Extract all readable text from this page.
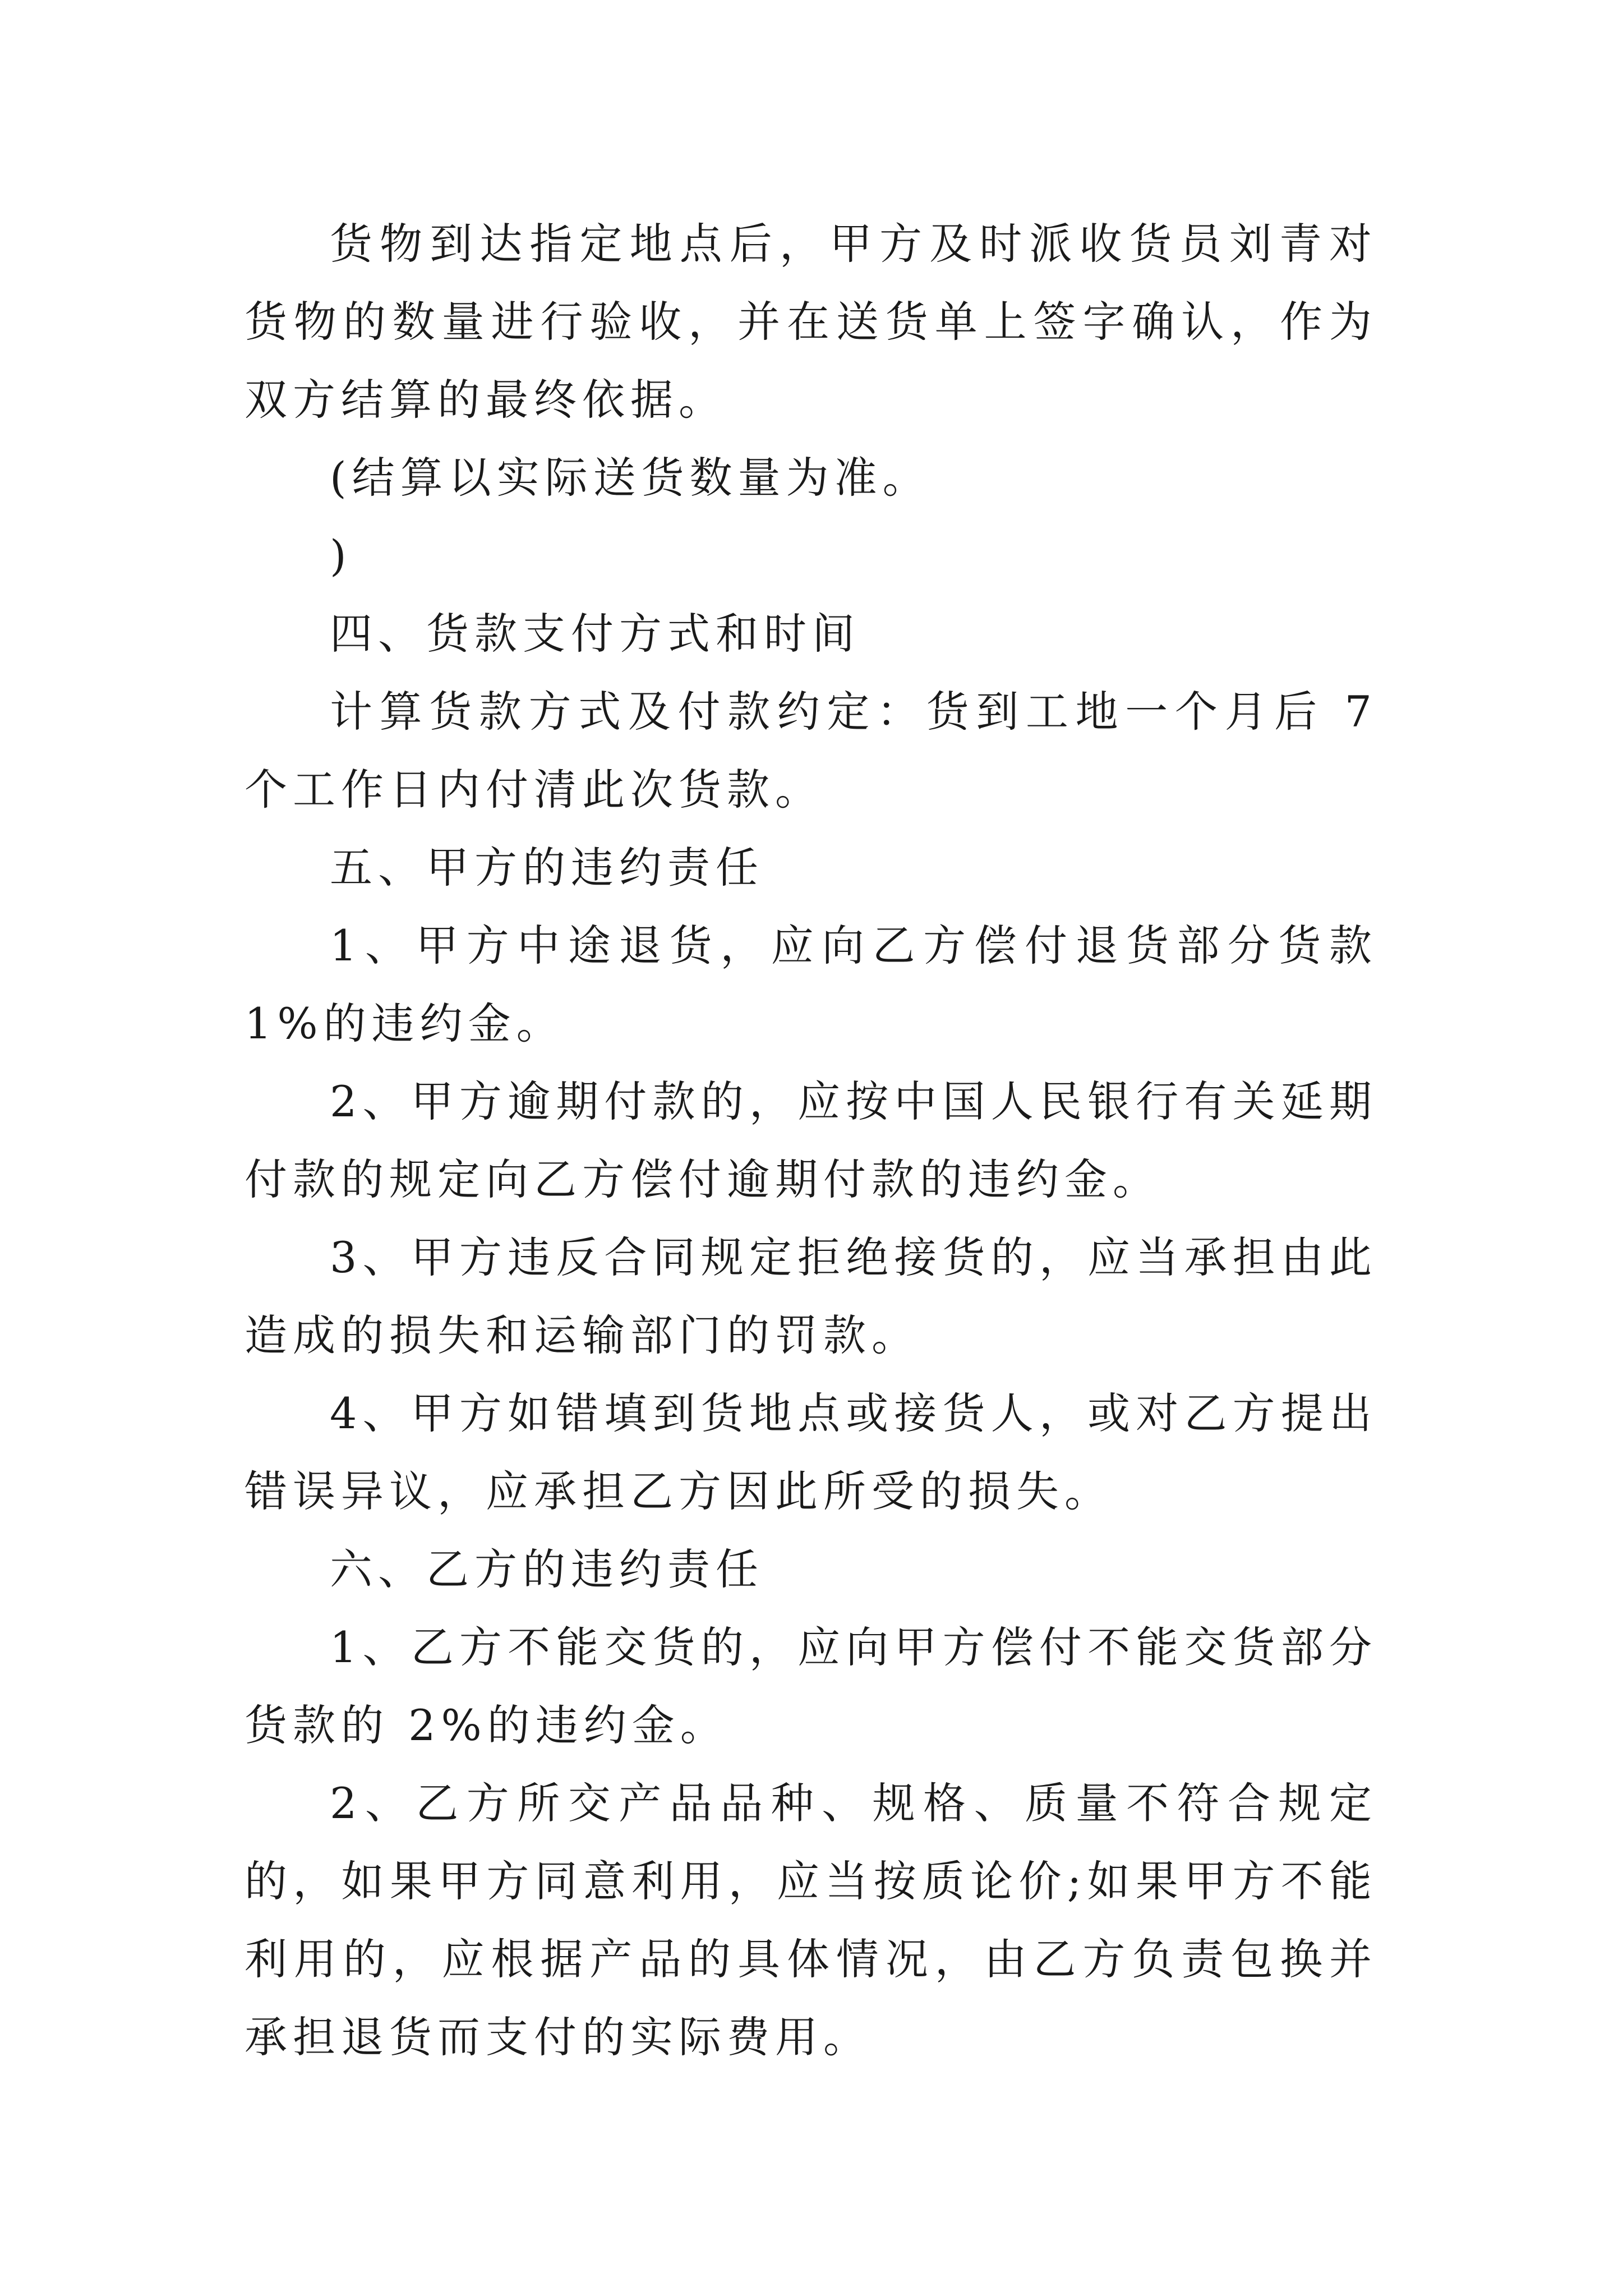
货物到达指定地点后，甲方及时派收货员刘青对货物的数量进行验收，并在送货单上签字确认，作为双方结算的最终依据。

(结算以实际送货数量为准。

)

四、货款支付方式和时间

计算货款方式及付款约定：货到工地一个月后 7 个工作日内付清此次货款。

五、甲方的违约责任

1、甲方中途退货，应向乙方偿付退货部分货款 1%的违约金。

2、甲方逾期付款的，应按中国人民银行有关延期付款的规定向乙方偿付逾期付款的违约金。

3、甲方违反合同规定拒绝接货的，应当承担由此造成的损失和运输部门的罚款。

4、甲方如错填到货地点或接货人，或对乙方提出错误异议，应承担乙方因此所受的损失。

六、乙方的违约责任

1、乙方不能交货的，应向甲方偿付不能交货部分货款的 2%的违约金。

2、乙方所交产品品种、规格、质量不符合规定的，如果甲方同意利用，应当按质论价;如果甲方不能利用的，应根据产品的具体情况，由乙方负责包换并承担退货而支付的实际费用。
